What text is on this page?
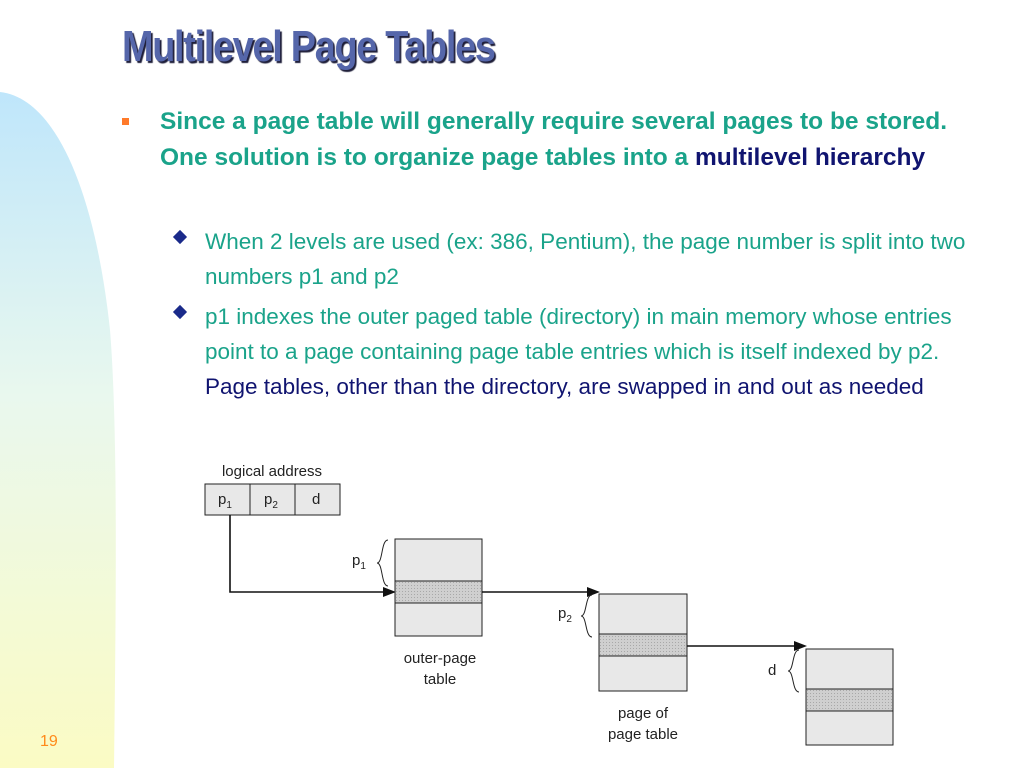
Multilevel Page Tables
Since a page table will generally require several pages to be stored. One solution is to organize page tables into a multilevel hierarchy
When 2 levels are used (ex: 386, Pentium), the page number is split into two numbers p1 and p2
p1 indexes the outer paged table (directory) in main memory whose entries point to a page containing page table entries which is itself indexed by p2. Page tables, other than the directory, are swapped in and out as needed
logical address
$p_1$ $p_2$ d
$p_1$
outer-page
table
$p_2$
page of
page table
d
19
